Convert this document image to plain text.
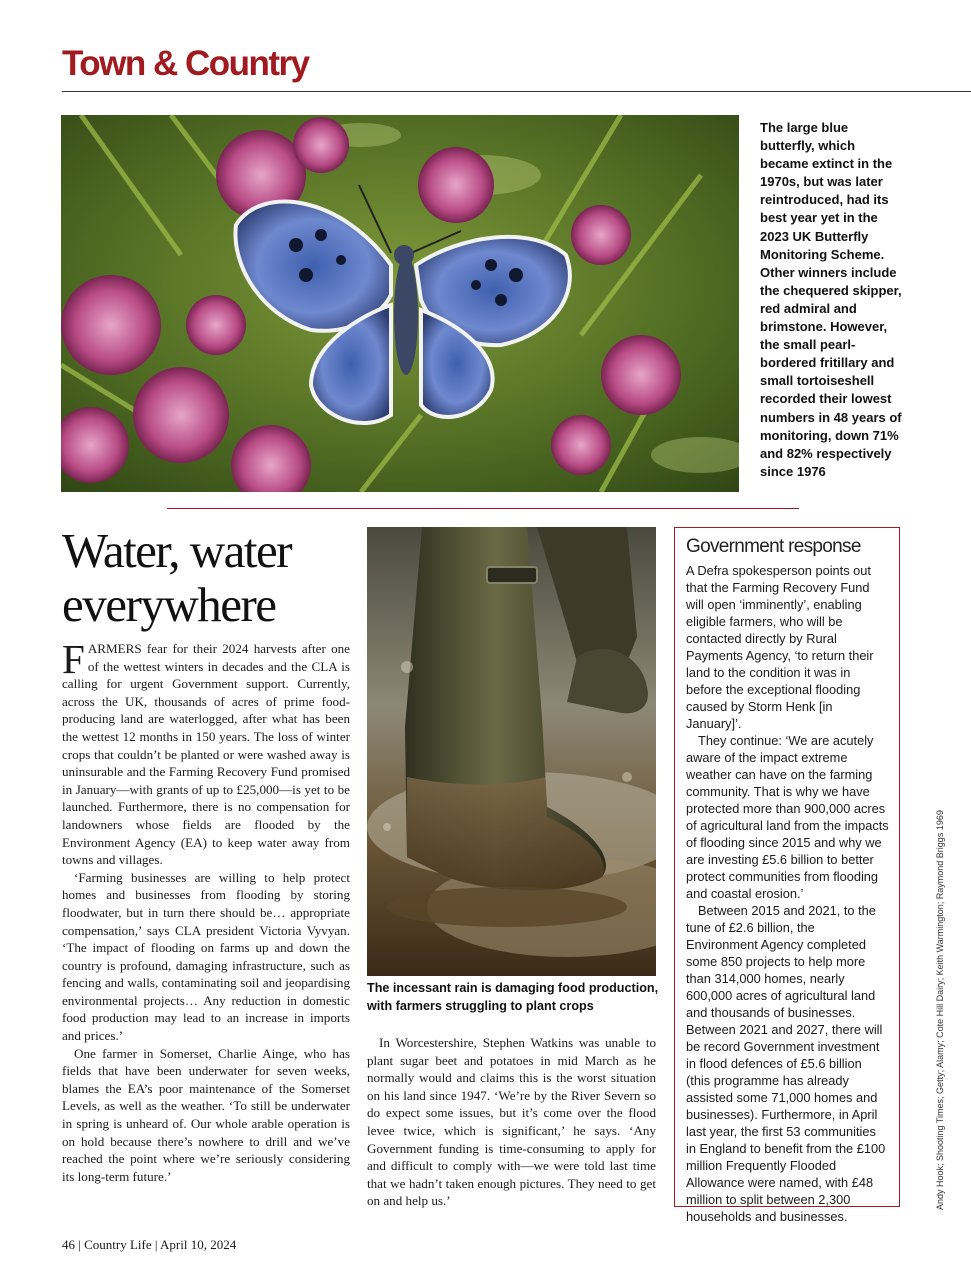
Town & Country

The large blue butterfly, which became extinct in the 1970s, but was later reintroduced, had its best year yet in the 2023 UK Butterfly Monitoring Scheme. Other winners include the chequered skipper, red admiral and brimstone. However, the small pearl-bordered fritillary and small tortoiseshell recorded their lowest numbers in 48 years of monitoring, down 71% and 82% respectively since 1976

Water, water everywhere

FARMERS fear for their 2024 harvests after one of the wettest winters in decades and the CLA is calling for urgent Government support. Currently, across the UK, thousands of acres of prime food-producing land are waterlogged, after what has been the wettest 12 months in 150 years. The loss of winter crops that couldn’t be planted or were washed away is uninsurable and the Farming Recovery Fund promised in January—with grants of up to £25,000—is yet to be launched. Furthermore, there is no compensation for landowners whose fields are flooded by the Environment Agency (EA) to keep water away from towns and villages.

‘Farming businesses are willing to help protect homes and businesses from flooding by storing floodwater, but in turn there should be… appropriate compensation,’ says CLA president Victoria Vyvyan. ‘The impact of flooding on farms up and down the country is profound, damaging infrastructure, such as fencing and walls, contaminating soil and jeopardising environmental projects… Any reduction in domestic food production may lead to an increase in imports and prices.’

One farmer in Somerset, Charlie Ainge, who has fields that have been underwater for seven weeks, blames the EA’s poor maintenance of the Somerset Levels, as well as the weather. ‘To still be underwater in spring is unheard of. Our whole arable operation is on hold because there’s nowhere to drill and we’ve reached the point where we’re seriously considering its long-term future.’

The incessant rain is damaging food production, with farmers struggling to plant crops

In Worcestershire, Stephen Watkins was unable to plant sugar beet and potatoes in mid March as he normally would and claims this is the worst situation on his land since 1947. ‘We’re by the River Severn so do expect some issues, but it’s come over the flood levee twice, which is significant,’ he says. ‘Any Government funding is time-consuming to apply for and difficult to comply with—we were told last time that we hadn’t taken enough pictures. They need to get on and help us.’

Government response

A Defra spokesperson points out that the Farming Recovery Fund will open ‘imminently’, enabling eligible farmers, who will be contacted directly by Rural Payments Agency, ‘to return their land to the condition it was in before the exceptional flooding caused by Storm Henk [in January]’.

They continue: ‘We are acutely aware of the impact extreme weather can have on the farming community. That is why we have protected more than 900,000 acres of agricultural land from the impacts of flooding since 2015 and why we are investing £5.6 billion to better protect communities from flooding and coastal erosion.’

Between 2015 and 2021, to the tune of £2.6 billion, the Environment Agency completed some 850 projects to help more than 314,000 homes, nearly 600,000 acres of agricultural land and thousands of businesses. Between 2021 and 2027, there will be record Government investment in flood defences of £5.6 billion (this programme has already assisted some 71,000 homes and businesses). Furthermore, in April last year, the first 53 communities in England to benefit from the £100 million Frequently Flooded Allowance were named, with £48 million to split between 2,300 households and businesses.

Andy Hook; Shooting Times; Getty; Alamy; Cote Hill Dairy; Keith Warmington; Raymond Briggs 1969
46 | Country Life | April 10, 2024
